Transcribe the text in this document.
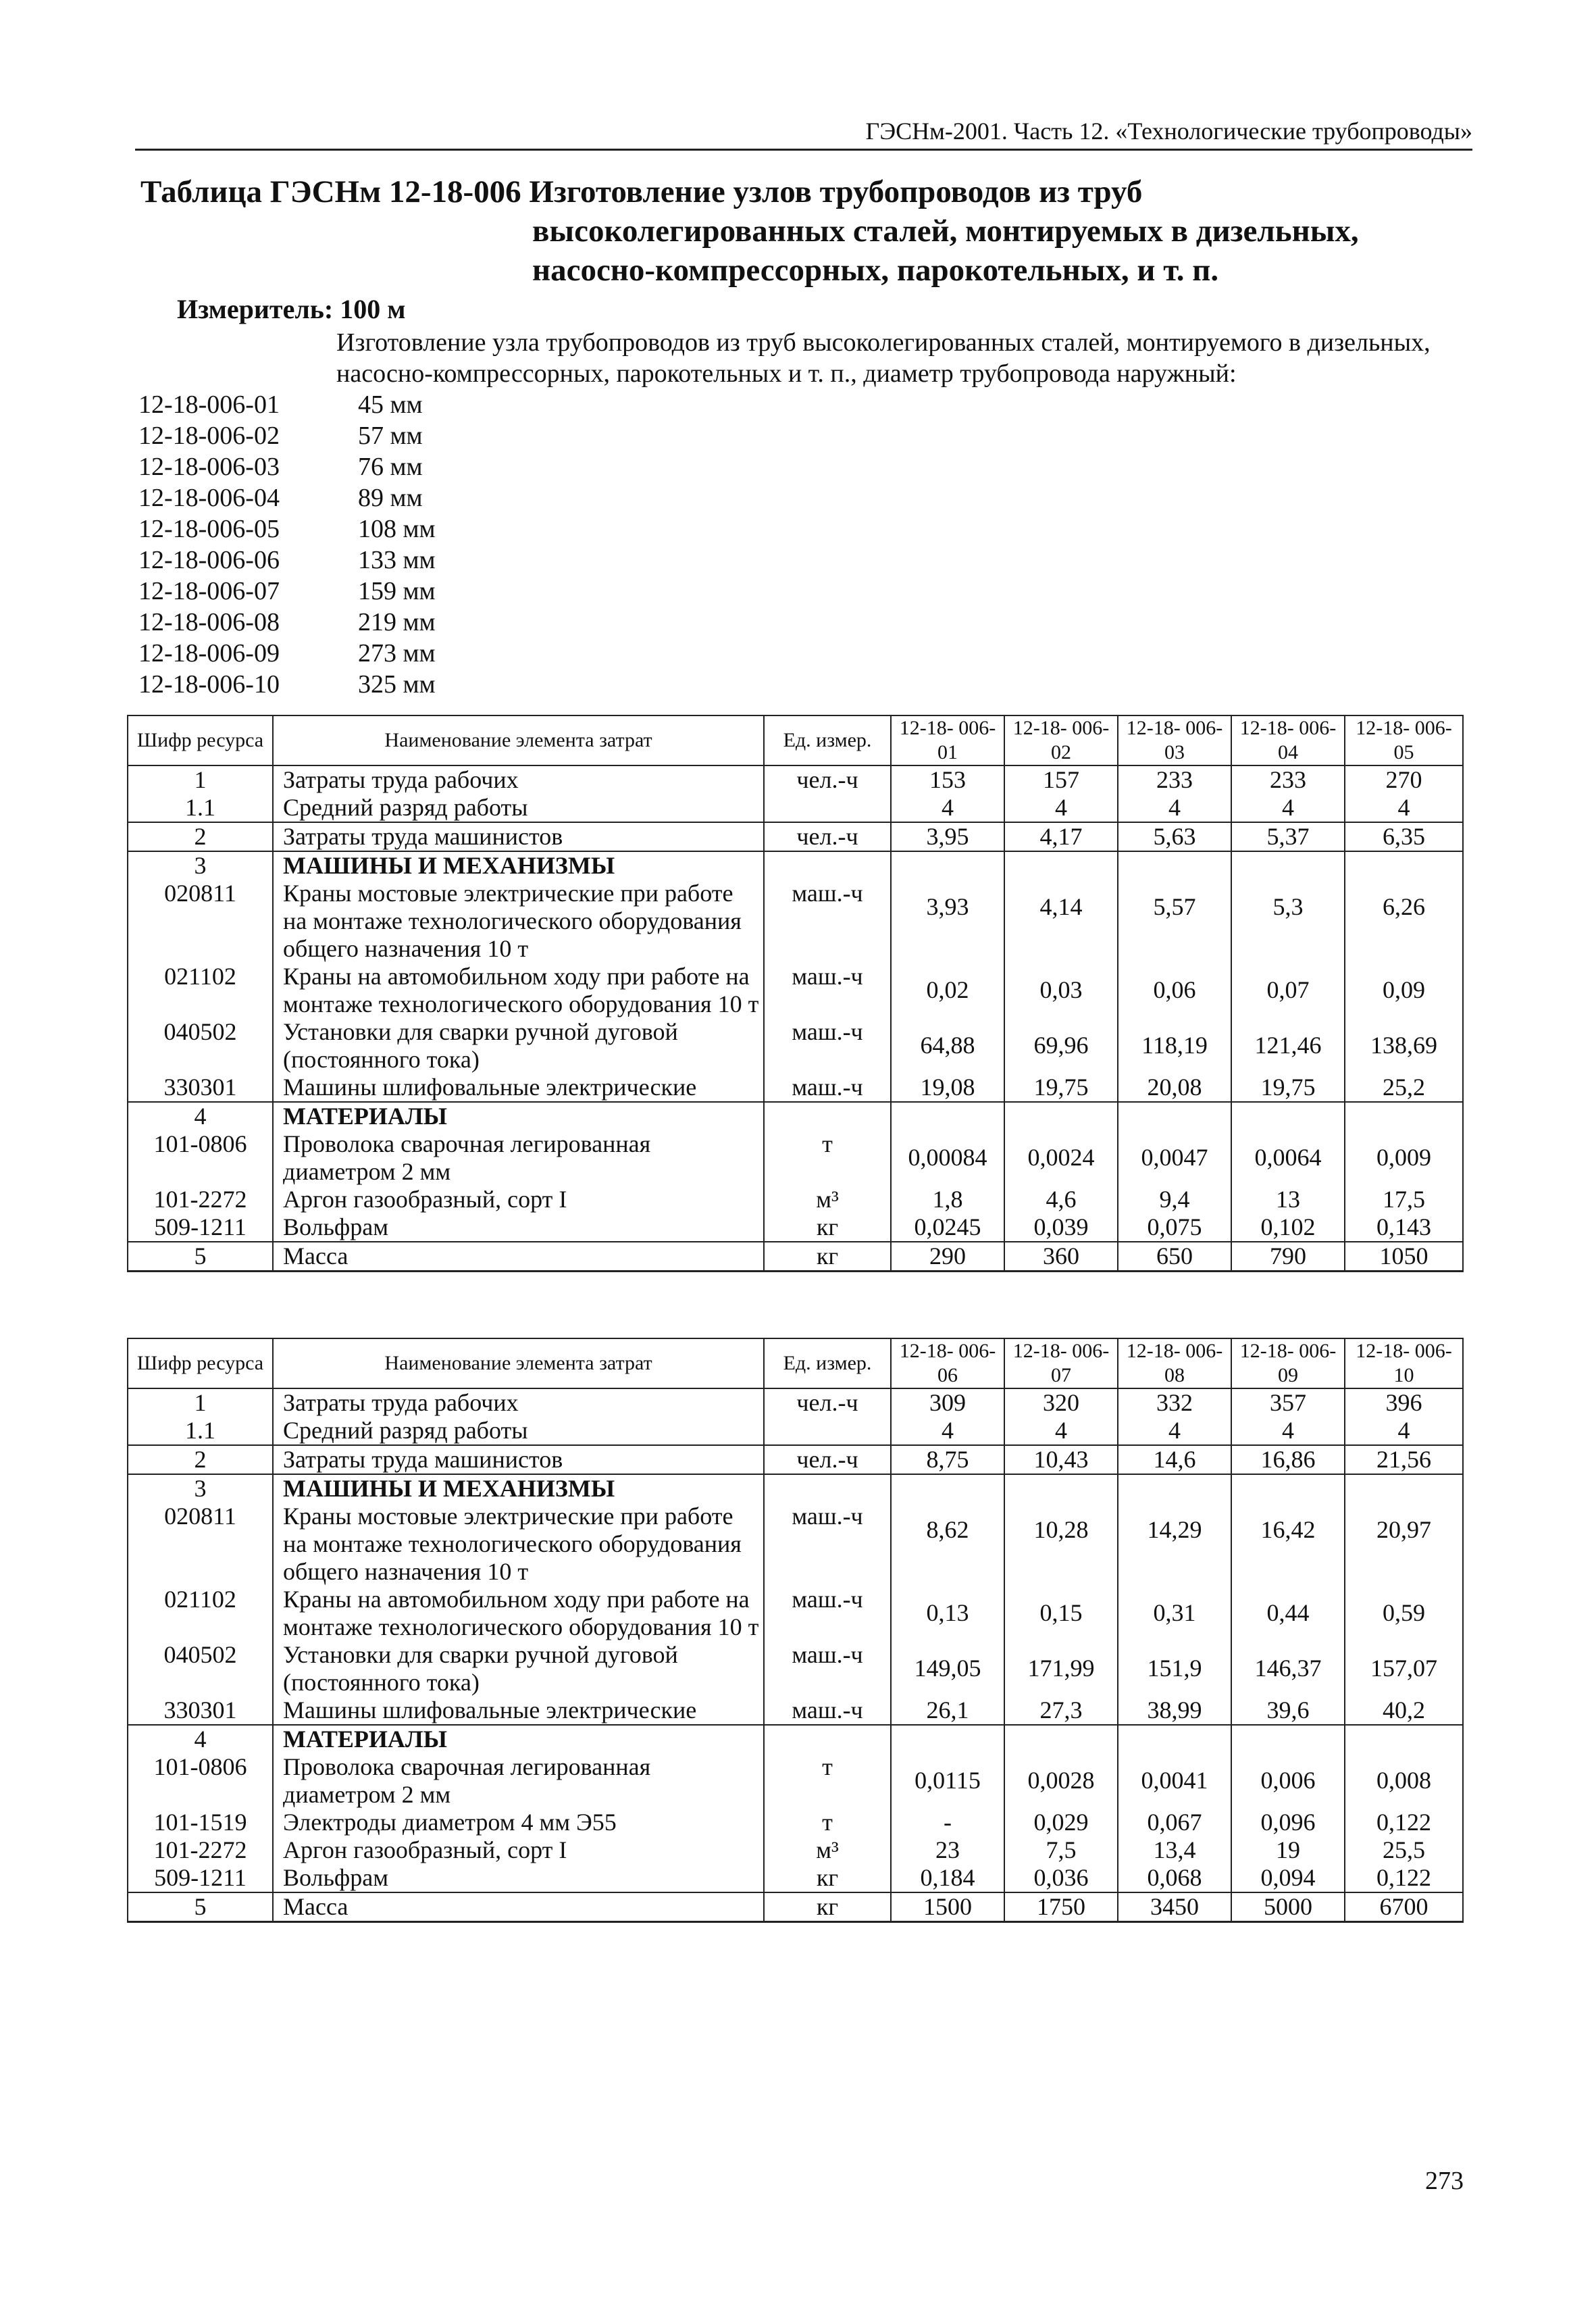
ГЭСНм-2001. Часть 12. «Технологические трубопроводы»
Таблица ГЭСНм 12-18-006 Изготовление узлов трубопроводов из труб
высоколегированных сталей, монтируемых в дизельных,
насосно-компрессорных, парокотельных, и т. п.
Измеритель: 100 м
Изготовление узла трубопроводов из труб высоколегированных сталей, монтируемого в дизельных, насосно-компрессорных, парокотельных и т. п., диаметр трубопровода наружный:
12-18-006-01	45 мм
12-18-006-02	57 мм
12-18-006-03	76 мм
12-18-006-04	89 мм
12-18-006-05	108 мм
12-18-006-06	133 мм
12-18-006-07	159 мм
12-18-006-08	219 мм
12-18-006-09	273 мм
12-18-006-10	325 мм
Шифр ресурса	Наименование элемента затрат	Ед. измер.	12-18- 006-01	12-18- 006-02	12-18- 006-03	12-18- 006-04	12-18- 006-05
1	Затраты труда рабочих	чел.-ч	153	157	233	233	270
1.1	Средний разряд работы		4	4	4	4	4
2	Затраты труда машинистов	чел.-ч	3,95	4,17	5,63	5,37	6,35
3	МАШИНЫ И МЕХАНИЗМЫ						
020811	Краны мостовые электрические при работе на монтаже технологического оборудования общего назначения 10 т	маш.-ч	3,93	4,14	5,57	5,3	6,26
021102	Краны на автомобильном ходу при работе на монтаже технологического оборудования 10 т	маш.-ч	0,02	0,03	0,06	0,07	0,09
040502	Установки для сварки ручной дуговой (постоянного тока)	маш.-ч	64,88	69,96	118,19	121,46	138,69
330301	Машины шлифовальные электрические	маш.-ч	19,08	19,75	20,08	19,75	25,2
4	МАТЕРИАЛЫ						
101-0806	Проволока сварочная легированная диаметром 2 мм	т	0,00084	0,0024	0,0047	0,0064	0,009
101-2272	Аргон газообразный, сорт I	м³	1,8	4,6	9,4	13	17,5
509-1211	Вольфрам	кг	0,0245	0,039	0,075	0,102	0,143
5	Масса	кг	290	360	650	790	1050
Шифр ресурса	Наименование элемента затрат	Ед. измер.	12-18- 006-06	12-18- 006-07	12-18- 006-08	12-18- 006-09	12-18- 006-10
1	Затраты труда рабочих	чел.-ч	309	320	332	357	396
1.1	Средний разряд работы		4	4	4	4	4
2	Затраты труда машинистов	чел.-ч	8,75	10,43	14,6	16,86	21,56
3	МАШИНЫ И МЕХАНИЗМЫ						
020811	Краны мостовые электрические при работе на монтаже технологического оборудования общего назначения 10 т	маш.-ч	8,62	10,28	14,29	16,42	20,97
021102	Краны на автомобильном ходу при работе на монтаже технологического оборудования 10 т	маш.-ч	0,13	0,15	0,31	0,44	0,59
040502	Установки для сварки ручной дуговой (постоянного тока)	маш.-ч	149,05	171,99	151,9	146,37	157,07
330301	Машины шлифовальные электрические	маш.-ч	26,1	27,3	38,99	39,6	40,2
4	МАТЕРИАЛЫ						
101-0806	Проволока сварочная легированная диаметром 2 мм	т	0,0115	0,0028	0,0041	0,006	0,008
101-1519	Электроды диаметром 4 мм Э55	т	-	0,029	0,067	0,096	0,122
101-2272	Аргон газообразный, сорт I	м³	23	7,5	13,4	19	25,5
509-1211	Вольфрам	кг	0,184	0,036	0,068	0,094	0,122
5	Масса	кг	1500	1750	3450	5000	6700
273
